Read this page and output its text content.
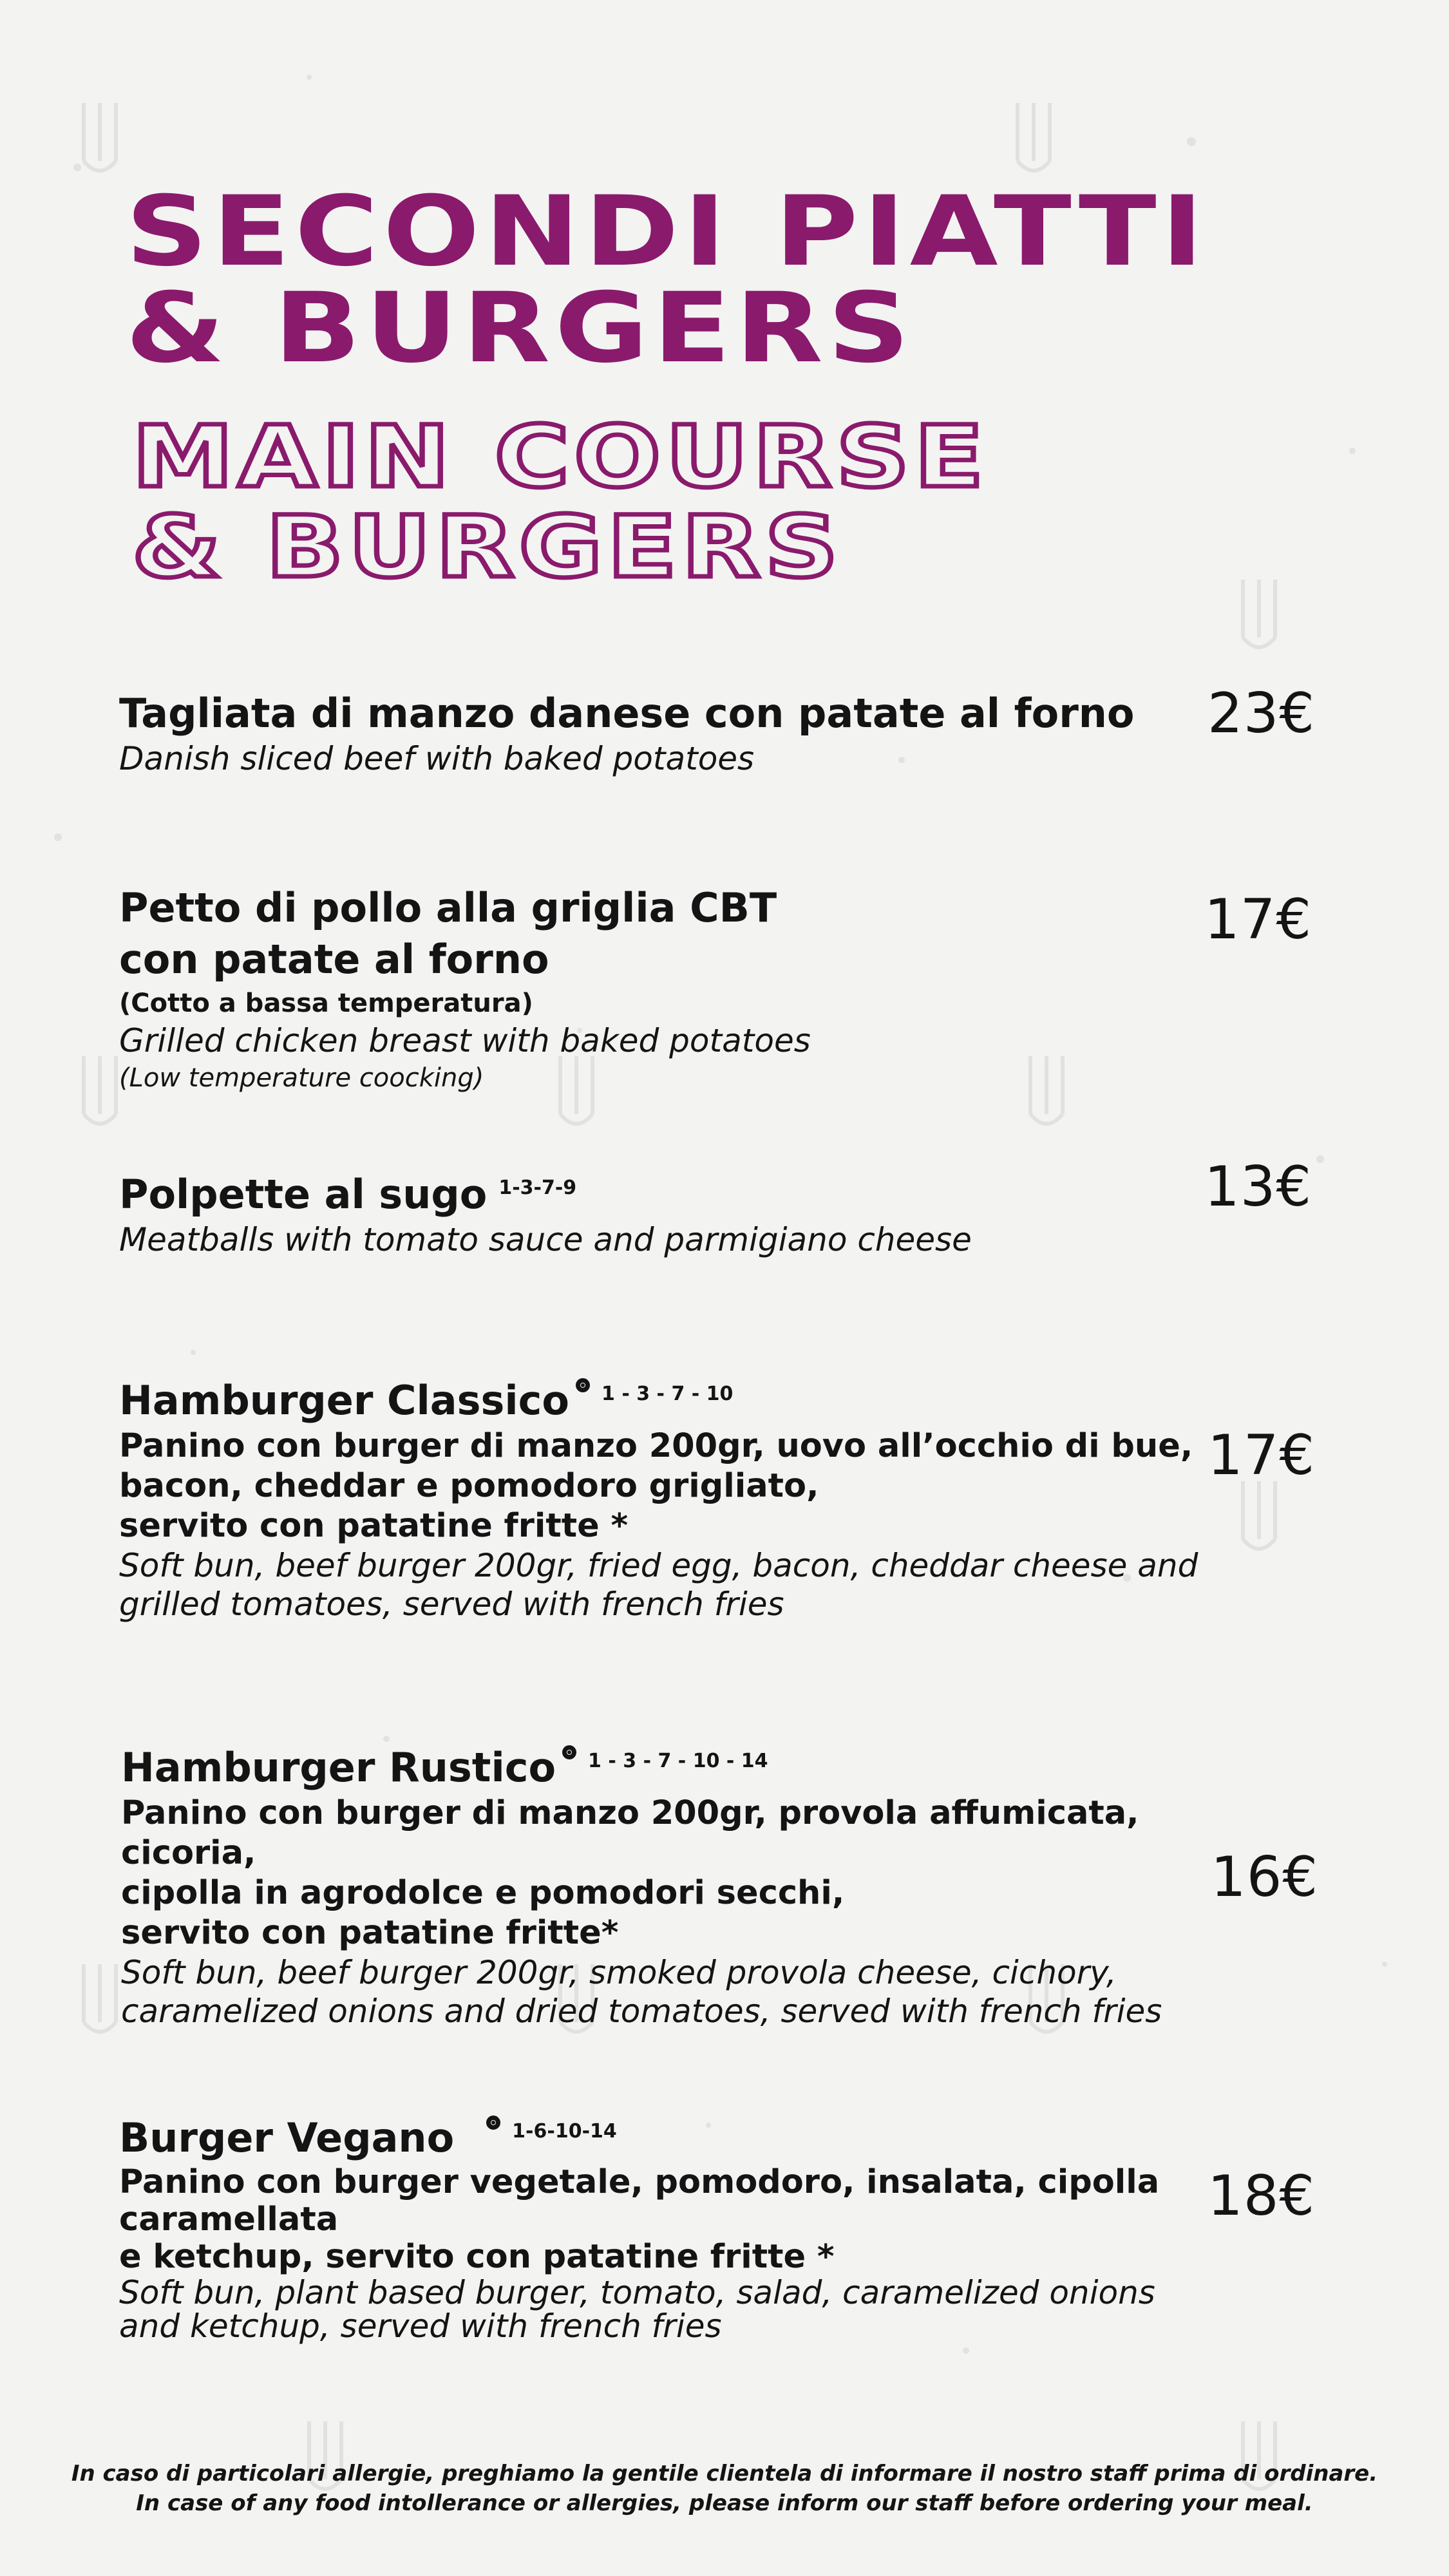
SECONDI PIATTI
& BURGERS
MAIN COURSE
& BURGERS
Tagliata di manzo danese con patate al forno
Danish sliced beef with baked potatoes
23€
Petto di pollo alla griglia CBT
con patate al forno
(Cotto a bassa temperatura)
Grilled chicken breast with baked potatoes
(Low temperature coocking)
17€
Polpette al sugo $^{1-3-7-9}$
Meatballs with tomato sauce and parmigiano cheese
13€
Hamburger Classico $^{1 - 3 - 7 - 10}$
Panino con burger di manzo 200gr, uovo all’occhio di bue,
bacon, cheddar e pomodoro grigliato,
servito con patatine fritte *
Soft bun, beef burger 200gr, fried egg, bacon, cheddar cheese and
grilled tomatoes, served with french fries
17€
Hamburger Rustico $^{1 - 3 - 7 - 10 - 14}$
Panino con burger di manzo 200gr, provola affumicata, cicoria,
cipolla in agrodolce e pomodori secchi,
servito con patatine fritte*
Soft bun, beef burger 200gr, smoked provola cheese, cichory,
caramelized onions and dried tomatoes, served with french fries
16€
Burger Vegano	$^{1-6-10-14}$
Panino con burger vegetale, pomodoro, insalata, cipolla caramellata
e ketchup, servito con patatine fritte *
Soft bun, plant based burger, tomato, salad, caramelized onions
and ketchup, served with french fries
18€
In caso di particolari allergie, preghiamo la gentile clientela di informare il nostro staff prima di ordinare.
In case of any food intollerance or allergies, please inform our staff before ordering your meal.
